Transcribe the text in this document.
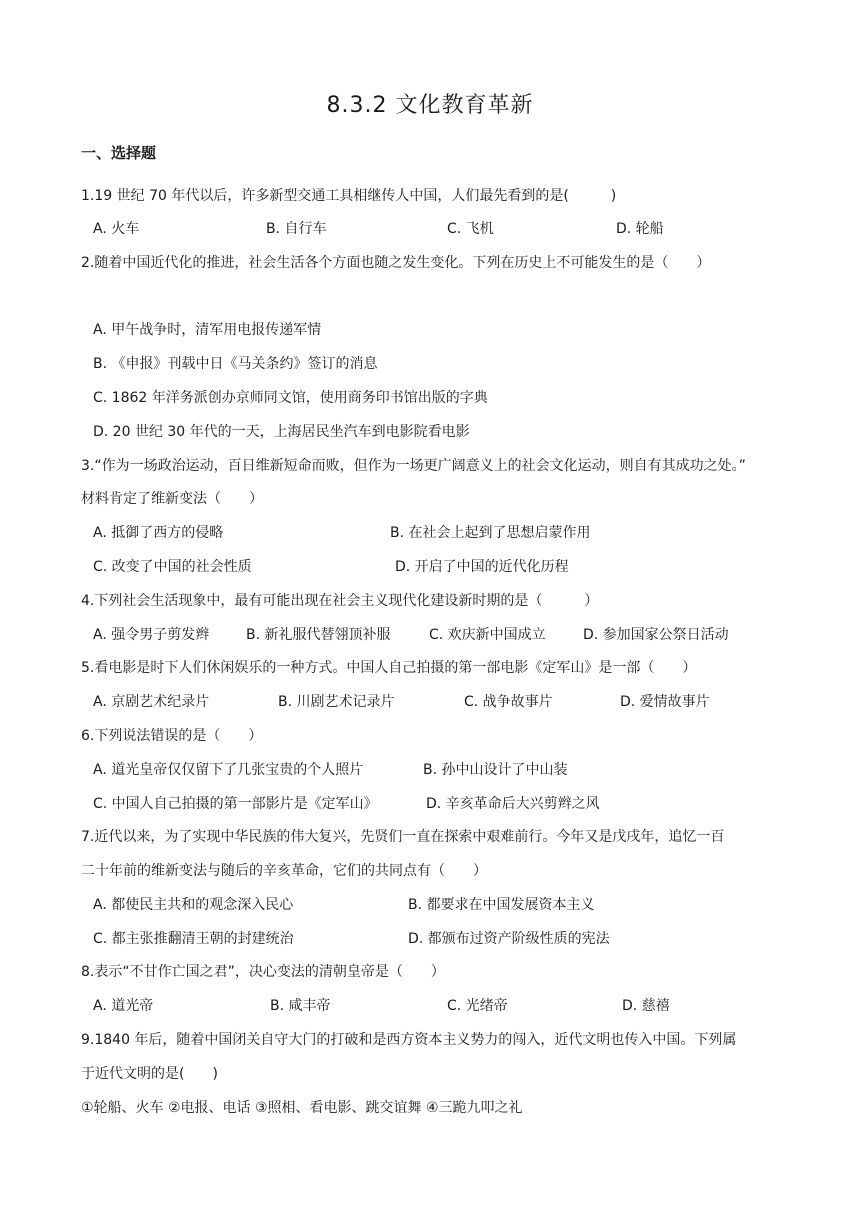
8.3.2 文化教育革新
一、选择题
1.19 世纪 70 年代以后，许多新型交通工具相继传人中国，人们最先看到的是(　　　)
A. 火车	B. 自行车	C. 飞机	D. 轮船
2.随着中国近代化的推进，社会生活各个方面也随之发生变化。下列在历史上不可能发生的是（　　）
A. 甲午战争时，清军用电报传递军情
B. 《申报》刊载中日《马关条约》签订的消息
C. 1862 年洋务派创办京师同文馆，使用商务印书馆出版的字典
D. 20 世纪 30 年代的一天，上海居民坐汽车到电影院看电影
3.“作为一场政治运动，百日维新短命而败，但作为一场更广阔意义上的社会文化运动，则自有其成功之处。”
材料肯定了维新变法（　　）
A. 抵御了西方的侵略	B. 在社会上起到了思想启蒙作用
C. 改变了中国的社会性质	D. 开启了中国的近代化历程
4.下列社会生活现象中，最有可能出现在社会主义现代化建设新时期的是（　　　）
A. 强令男子剪发辫	B. 新礼服代替翎顶补服	C. 欢庆新中国成立	D. 参加国家公祭日活动
5.看电影是时下人们休闲娱乐的一种方式。中国人自己拍摄的第一部电影《定军山》是一部（　　）
A. 京剧艺术纪录片	B. 川剧艺术记录片	C. 战争故事片	D. 爱情故事片
6.下列说法错误的是（　　）
A. 道光皇帝仅仅留下了几张宝贵的个人照片	B. 孙中山设计了中山装
C. 中国人自己拍摄的第一部影片是《定军山》	D. 辛亥革命后大兴剪辫之风
7.近代以来，为了实现中华民族的伟大复兴，先贤们一直在探索中艰难前行。今年又是戊戌年，追忆一百
二十年前的维新变法与随后的辛亥革命，它们的共同点有（　　）
A. 都使民主共和的观念深入民心	B. 都要求在中国发展资本主义
C. 都主张推翻清王朝的封建统治	D. 都颁布过资产阶级性质的宪法
8.表示“不甘作亡国之君”，决心变法的清朝皇帝是（　　）
A. 道光帝	B. 咸丰帝	C. 光绪帝	D. 慈禧
9.1840 年后，随着中国闭关自守大门的打破和是西方资本主义势力的闯入，近代文明也传入中国。下列属
于近代文明的是(　　)
①轮船、火车 ②电报、电话 ③照相、看电影、跳交谊舞 ④三跪九叩之礼
